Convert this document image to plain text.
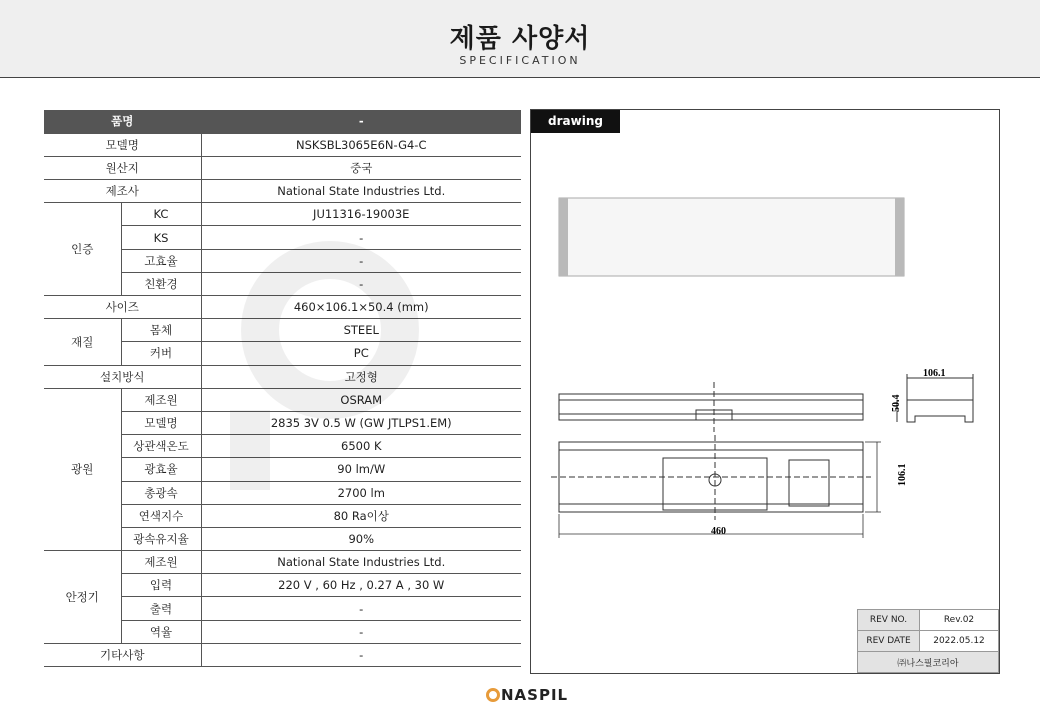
제품 사양서
SPECIFICATION
품명		-
모델명		NSKSBL3065E6N-G4-C
원산지		중국
제조사		National State Industries Ltd.
인증	KC	JU11316-19003E
	KS	-
	고효율	-
	친환경	-
사이즈		460×106.1×50.4 (mm)
재질	몸체	STEEL
	커버	PC
설치방식		고정형
광원	제조원	OSRAM
	모델명	2835 3V 0.5 W (GW JTLPS1.EM)
	상관색온도	6500 K
	광효율	90 lm/W
	총광속	2700 lm
	연색지수	80 Ra이상
	광속유지율	90%
안정기	제조원	National State Industries Ltd.
	입력	220 V , 60 Hz , 0.27 A , 30 W
	출력	-
	역율	-
기타사항		-
drawing
460
106.1
50.4
106.1
REV NO.	Rev.02
REV DATE	2022.05.12
㈜나스필코리아	
NASPIL
